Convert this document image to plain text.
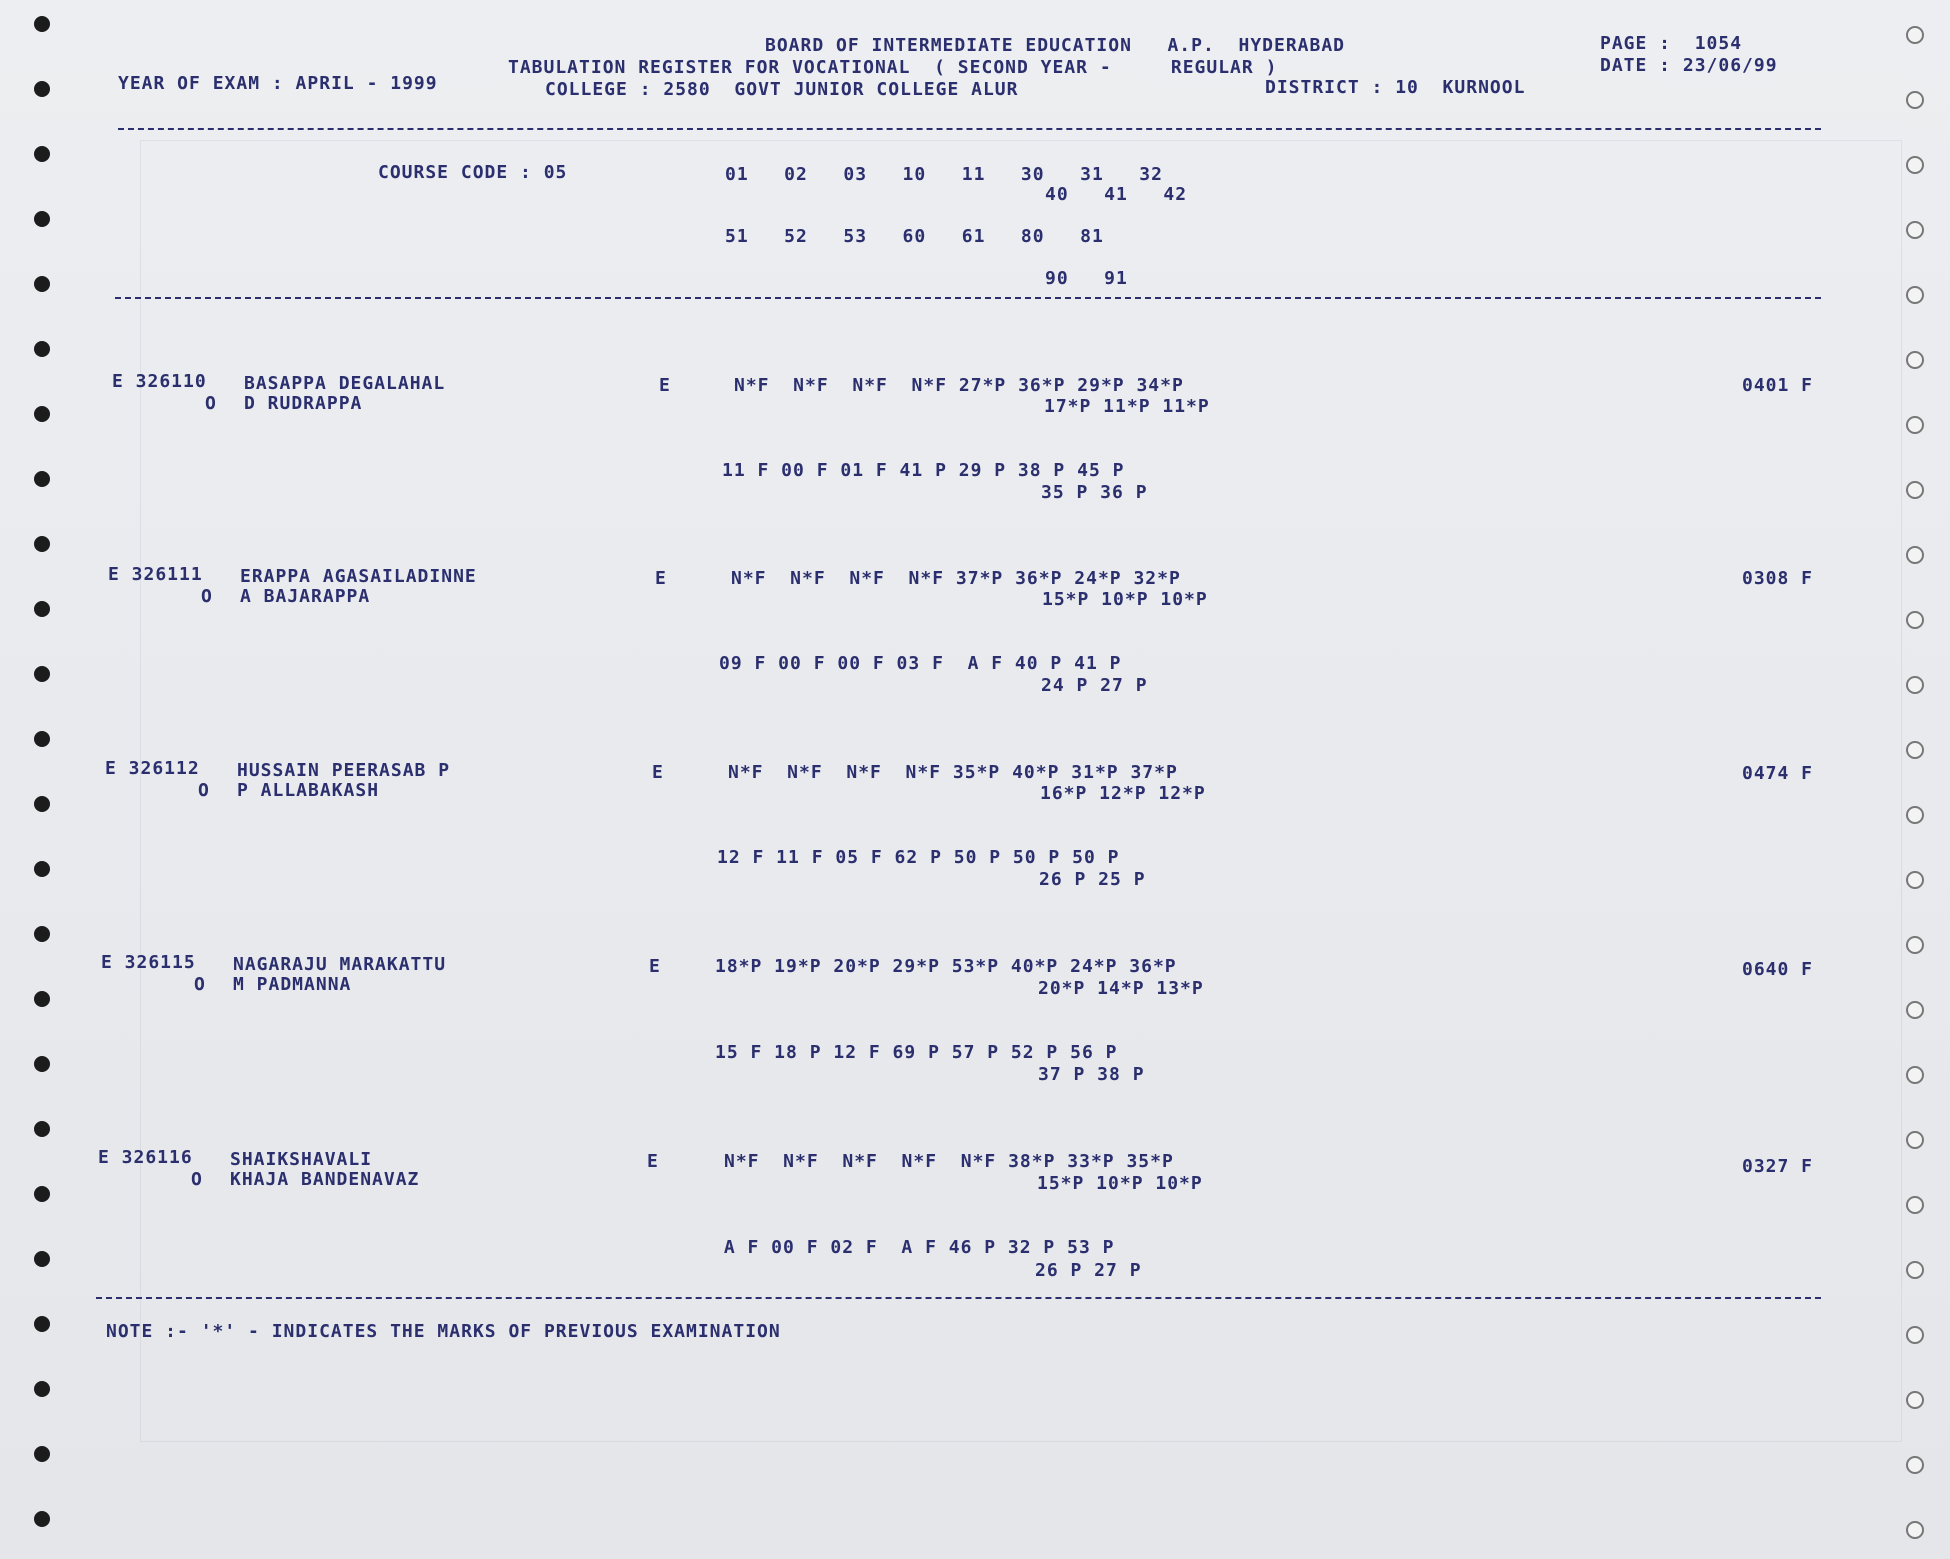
BOARD OF INTERMEDIATE EDUCATION   A.P.  HYDERABAD
TABULATION REGISTER FOR VOCATIONAL  ( SECOND YEAR -     REGULAR )
YEAR OF EXAM : APRIL - 1999	COLLEGE : 2580  GOVT JUNIOR COLLEGE ALUR	DISTRICT : 10  KURNOOL
PAGE :  1054
DATE : 23/06/99
COURSE CODE : 05	01   02   03   10   11   30   31   32
40   41   42
51   52   53   60   61   80   81
90   91
E 326110 BASAPPA DEGALAHAL
O D RUDRAPPA
E	N*F  N*F  N*F  N*F 27*P 36*P 29*P 34*P
17*P 11*P 11*P
11 F 00 F 01 F 41 P 29 P 38 P 45 P
35 P 36 P
0401 F
E 326111 ERAPPA AGASAILADINNE
O A BAJARAPPA
E	N*F  N*F  N*F  N*F 37*P 36*P 24*P 32*P
15*P 10*P 10*P
09 F 00 F 00 F 03 F  A F 40 P 41 P
24 P 27 P
0308 F
E 326112 HUSSAIN PEERASAB P
O P ALLABAKASH
E	N*F  N*F  N*F  N*F 35*P 40*P 31*P 37*P
16*P 12*P 12*P
12 F 11 F 05 F 62 P 50 P 50 P 50 P
26 P 25 P
0474 F
E 326115 NAGARAJU MARAKATTU
O M PADMANNA
E	18*P 19*P 20*P 29*P 53*P 40*P 24*P 36*P
20*P 14*P 13*P
15 F 18 P 12 F 69 P 57 P 52 P 56 P
37 P 38 P
0640 F
E 326116 SHAIKSHAVALI
O KHAJA BANDENAVAZ
E	N*F  N*F  N*F  N*F  N*F 38*P 33*P 35*P
15*P 10*P 10*P
A F 00 F 02 F  A F 46 P 32 P 53 P
26 P 27 P
0327 F
NOTE :- '*' - INDICATES THE MARKS OF PREVIOUS EXAMINATION
